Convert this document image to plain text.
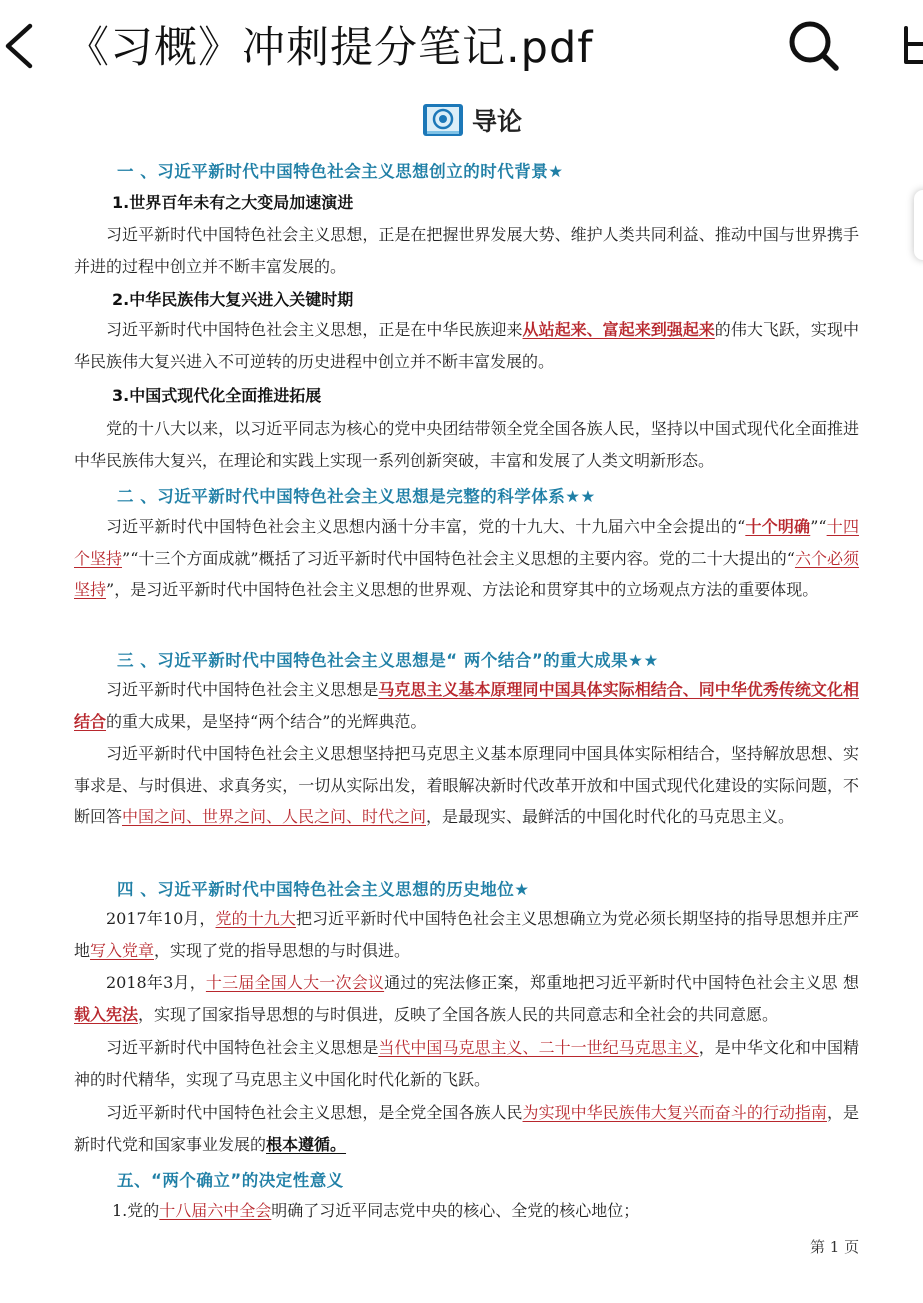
《习概》冲刺提分笔记.pdf
导论
一 、习近平新时代中国特色社会主义思想创立的时代背景★
1.世界百年未有之大变局加速演进
习近平新时代中国特色社会主义思想，正是在把握世界发展大势、维护人类共同利益、推动中国与世界携手并进的过程中创立并不断丰富发展的。
2.中华民族伟大复兴进入关键时期
习近平新时代中国特色社会主义思想，正是在中华民族迎来从站起来、富起来到强起来的伟大飞跃，实现中华民族伟大复兴进入不可逆转的历史进程中创立并不断丰富发展的。
3.中国式现代化全面推进拓展
党的十八大以来，以习近平同志为核心的党中央团结带领全党全国各族人民，坚持以中国式现代化全面推进中华民族伟大复兴，在理论和实践上实现一系列创新突破，丰富和发展了人类文明新形态。
二 、习近平新时代中国特色社会主义思想是完整的科学体系★★
习近平新时代中国特色社会主义思想内涵十分丰富，党的十九大、十九届六中全会提出的“十个明确”“十四个坚持”“十三个方面成就”概括了习近平新时代中国特色社会主义思想的主要内容。党的二十大提出的“六个必须坚持”，是习近平新时代中国特色社会主义思想的世界观、方法论和贯穿其中的立场观点方法的重要体现。
三 、习近平新时代中国特色社会主义思想是“ 两个结合”的重大成果★★
习近平新时代中国特色社会主义思想是马克思主义基本原理同中国具体实际相结合、同中华优秀传统文化相结合的重大成果，是坚持“两个结合”的光辉典范。
习近平新时代中国特色社会主义思想坚持把马克思主义基本原理同中国具体实际相结合，坚持解放思想、实事求是、与时俱进、求真务实，一切从实际出发，着眼解决新时代改革开放和中国式现代化建设的实际问题，不断回答中国之问、世界之问、人民之问、时代之问，是最现实、最鲜活的中国化时代化的马克思主义。
四 、习近平新时代中国特色社会主义思想的历史地位★
2017年10月，党的十九大把习近平新时代中国特色社会主义思想确立为党必须长期坚持的指导思想并庄严地写入党章，实现了党的指导思想的与时俱进。
2018年3月，十三届全国人大一次会议通过的宪法修正案，郑重地把习近平新时代中国特色社会主义思 想载入宪法，实现了国家指导思想的与时俱进，反映了全国各族人民的共同意志和全社会的共同意愿。
习近平新时代中国特色社会主义思想是当代中国马克思主义、二十一世纪马克思主义，是中华文化和中国精神的时代精华，实现了马克思主义中国化时代化新的飞跃。
习近平新时代中国特色社会主义思想，是全党全国各族人民为实现中华民族伟大复兴而奋斗的行动指南，是新时代党和国家事业发展的根本遵循。
五、“两个确立”的决定性意义
1.党的十八届六中全会明确了习近平同志党中央的核心、全党的核心地位；
第 1 页
